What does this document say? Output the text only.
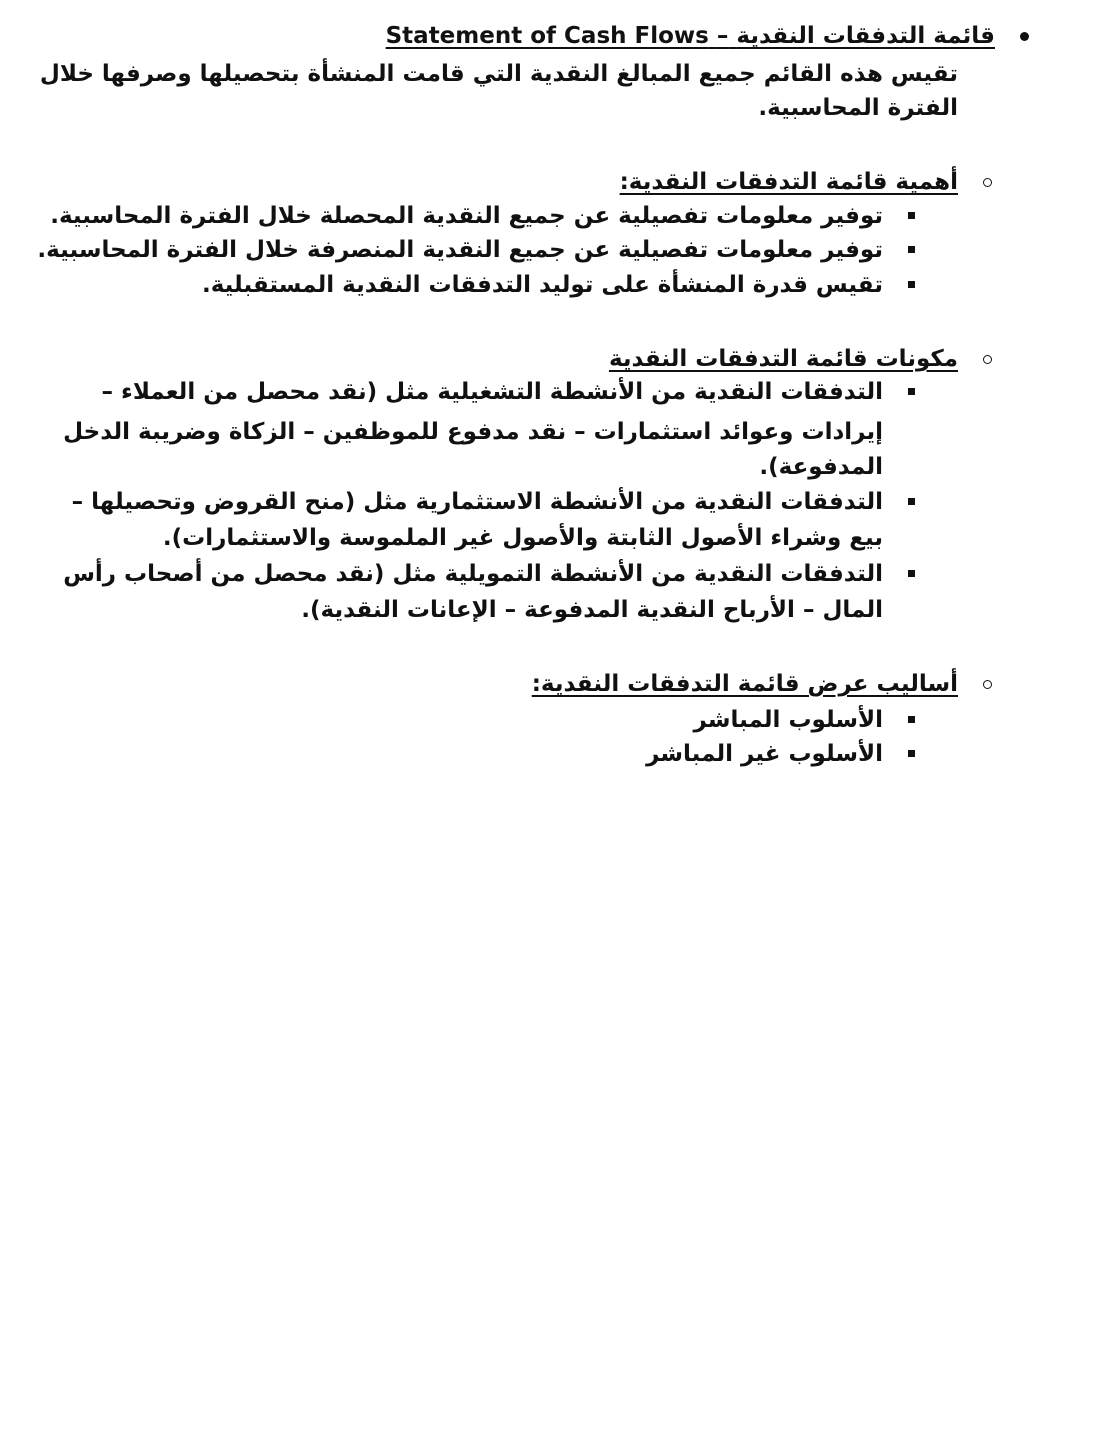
قائمة التدفقات النقدية – Statement of Cash Flows
تقيس هذه القائم جميع المبالغ النقدية التي قامت المنشأة بتحصيلها وصرفها خلال
الفترة المحاسبية.
أهمية قائمة التدفقات النقدية:
توفير معلومات تفصيلية عن جميع النقدية المحصلة خلال الفترة المحاسبية.
توفير معلومات تفصيلية عن جميع النقدية المنصرفة خلال الفترة المحاسبية.
تقيس قدرة المنشأة على توليد التدفقات النقدية المستقبلية.
مكونات قائمة التدفقات النقدية
التدفقات النقدية من الأنشطة التشغيلية مثل (نقد محصل من العملاء –
إيرادات وعوائد استثمارات – نقد مدفوع للموظفين – الزكاة وضريبة الدخل
المدفوعة).
التدفقات النقدية من الأنشطة الاستثمارية مثل (منح القروض وتحصيلها –
بيع وشراء الأصول الثابتة والأصول غير الملموسة والاستثمارات).
التدفقات النقدية من الأنشطة التمويلية مثل (نقد محصل من أصحاب رأس
المال – الأرباح النقدية المدفوعة – الإعانات النقدية).
أساليب عرض قائمة التدفقات النقدية:
الأسلوب المباشر
الأسلوب غير المباشر
